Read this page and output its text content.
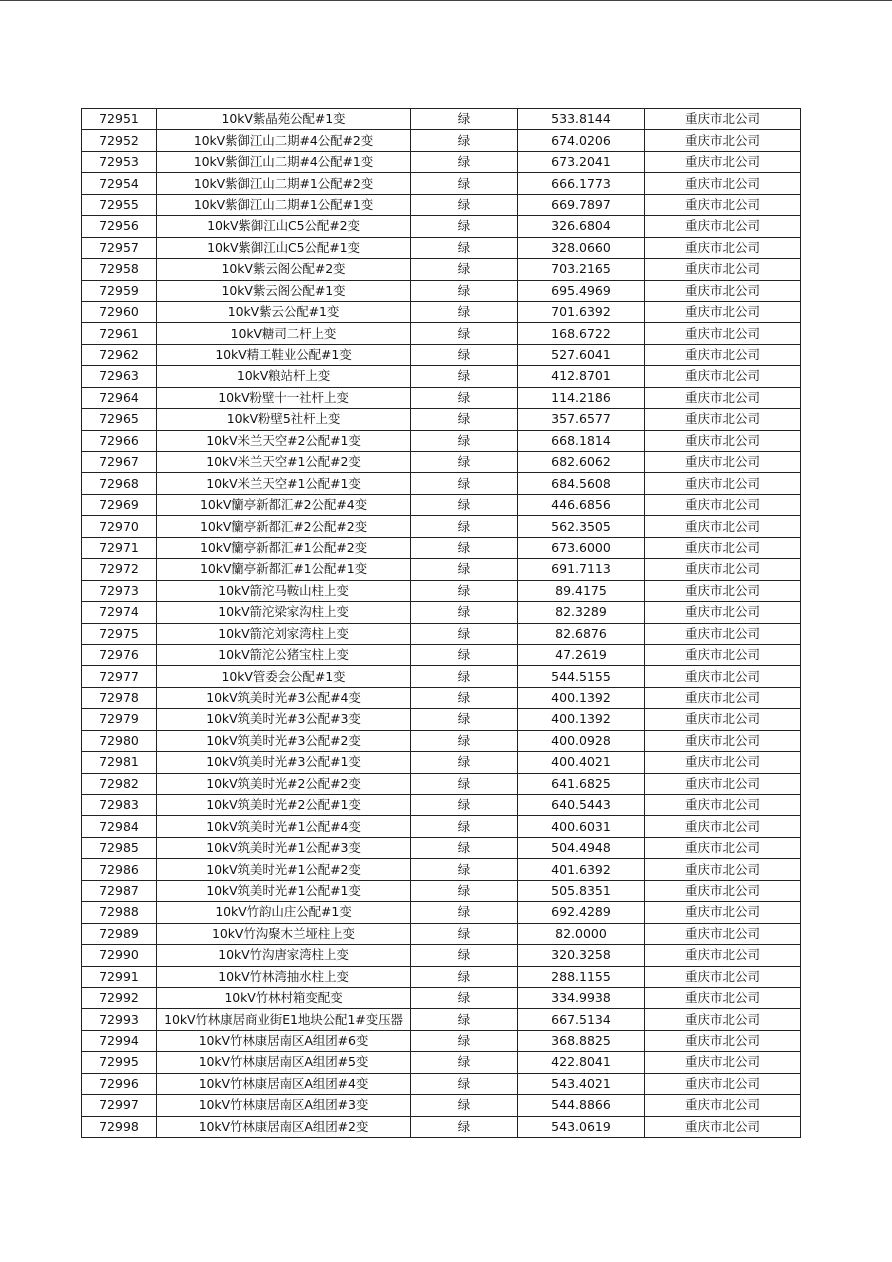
72951	10kV紫晶苑公配#1变	绿	533.8144	重庆市北公司
72952	10kV紫御江山二期#4公配#2变	绿	674.0206	重庆市北公司
72953	10kV紫御江山二期#4公配#1变	绿	673.2041	重庆市北公司
72954	10kV紫御江山二期#1公配#2变	绿	666.1773	重庆市北公司
72955	10kV紫御江山二期#1公配#1变	绿	669.7897	重庆市北公司
72956	10kV紫御江山C5公配#2变	绿	326.6804	重庆市北公司
72957	10kV紫御江山C5公配#1变	绿	328.0660	重庆市北公司
72958	10kV紫云阁公配#2变	绿	703.2165	重庆市北公司
72959	10kV紫云阁公配#1变	绿	695.4969	重庆市北公司
72960	10kV紫云公配#1变	绿	701.6392	重庆市北公司
72961	10kV糖司二杆上变	绿	168.6722	重庆市北公司
72962	10kV精工鞋业公配#1变	绿	527.6041	重庆市北公司
72963	10kV粮站杆上变	绿	412.8701	重庆市北公司
72964	10kV粉壁十一社杆上变	绿	114.2186	重庆市北公司
72965	10kV粉壁5社杆上变	绿	357.6577	重庆市北公司
72966	10kV米兰天空#2公配#1变	绿	668.1814	重庆市北公司
72967	10kV米兰天空#1公配#2变	绿	682.6062	重庆市北公司
72968	10kV米兰天空#1公配#1变	绿	684.5608	重庆市北公司
72969	10kV籣亭新都汇#2公配#4变	绿	446.6856	重庆市北公司
72970	10kV籣亭新都汇#2公配#2变	绿	562.3505	重庆市北公司
72971	10kV籣亭新都汇#1公配#2变	绿	673.6000	重庆市北公司
72972	10kV籣亭新都汇#1公配#1变	绿	691.7113	重庆市北公司
72973	10kV箭沱马鞍山柱上变	绿	89.4175	重庆市北公司
72974	10kV箭沱梁家沟柱上变	绿	82.3289	重庆市北公司
72975	10kV箭沱刘家湾柱上变	绿	82.6876	重庆市北公司
72976	10kV箭沱公猪宝柱上变	绿	47.2619	重庆市北公司
72977	10kV管委会公配#1变	绿	544.5155	重庆市北公司
72978	10kV筑美时光#3公配#4变	绿	400.1392	重庆市北公司
72979	10kV筑美时光#3公配#3变	绿	400.1392	重庆市北公司
72980	10kV筑美时光#3公配#2变	绿	400.0928	重庆市北公司
72981	10kV筑美时光#3公配#1变	绿	400.4021	重庆市北公司
72982	10kV筑美时光#2公配#2变	绿	641.6825	重庆市北公司
72983	10kV筑美时光#2公配#1变	绿	640.5443	重庆市北公司
72984	10kV筑美时光#1公配#4变	绿	400.6031	重庆市北公司
72985	10kV筑美时光#1公配#3变	绿	504.4948	重庆市北公司
72986	10kV筑美时光#1公配#2变	绿	401.6392	重庆市北公司
72987	10kV筑美时光#1公配#1变	绿	505.8351	重庆市北公司
72988	10kV竹韵山庄公配#1变	绿	692.4289	重庆市北公司
72989	10kV竹沟聚木兰垭柱上变	绿	82.0000	重庆市北公司
72990	10kV竹沟唐家湾柱上变	绿	320.3258	重庆市北公司
72991	10kV竹林湾抽水柱上变	绿	288.1155	重庆市北公司
72992	10kV竹林村箱变配变	绿	334.9938	重庆市北公司
72993	10kV竹林康居商业街E1地块公配1#变压器	绿	667.5134	重庆市北公司
72994	10kV竹林康居南区A组团#6变	绿	368.8825	重庆市北公司
72995	10kV竹林康居南区A组团#5变	绿	422.8041	重庆市北公司
72996	10kV竹林康居南区A组团#4变	绿	543.4021	重庆市北公司
72997	10kV竹林康居南区A组团#3变	绿	544.8866	重庆市北公司
72998	10kV竹林康居南区A组团#2变	绿	543.0619	重庆市北公司
